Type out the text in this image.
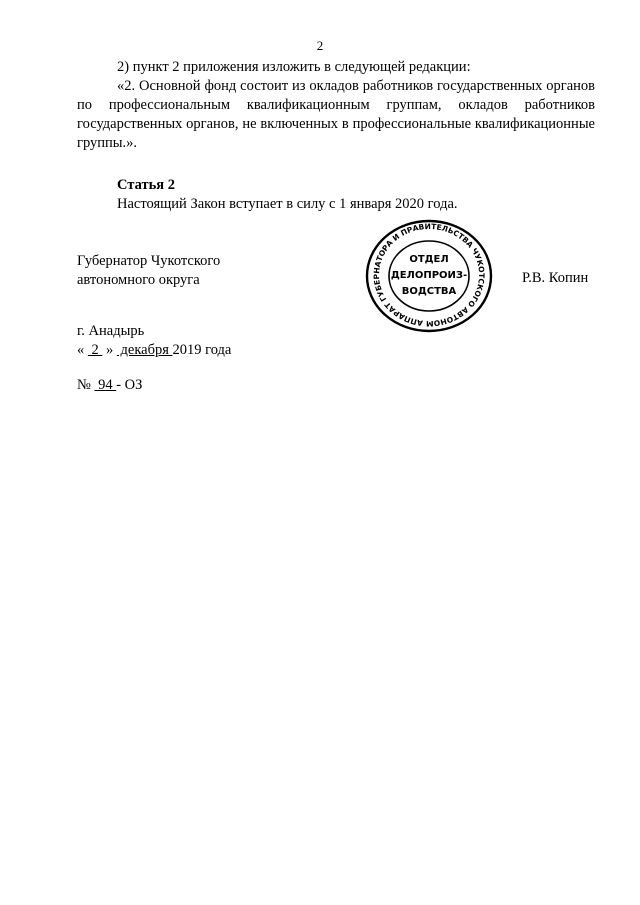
2

2) пункт 2 приложения изложить в следующей редакции:

«2. Основной фонд состоит из окладов работников государственных органов по профессиональным квалификационным группам, окладов работников государственных органов, не включенных в профессиональные квалификационные группы.».

Статья 2
Настоящий Закон вступает в силу с 1 января 2020 года.
Губернатор Чукотского
автономного округа
АППАРАТ ГУБЕРНАТОРА И ПРАВИТЕЛЬСТВА ЧУКОТСКОГО АВТОНОМ
ОТДЕЛ
ДЕЛОПРОИЗ-
ВОДСТВА
Р.В. Копин
г. Анадырь
«  2  »  декабря 2019 года
№  94 - ОЗ
